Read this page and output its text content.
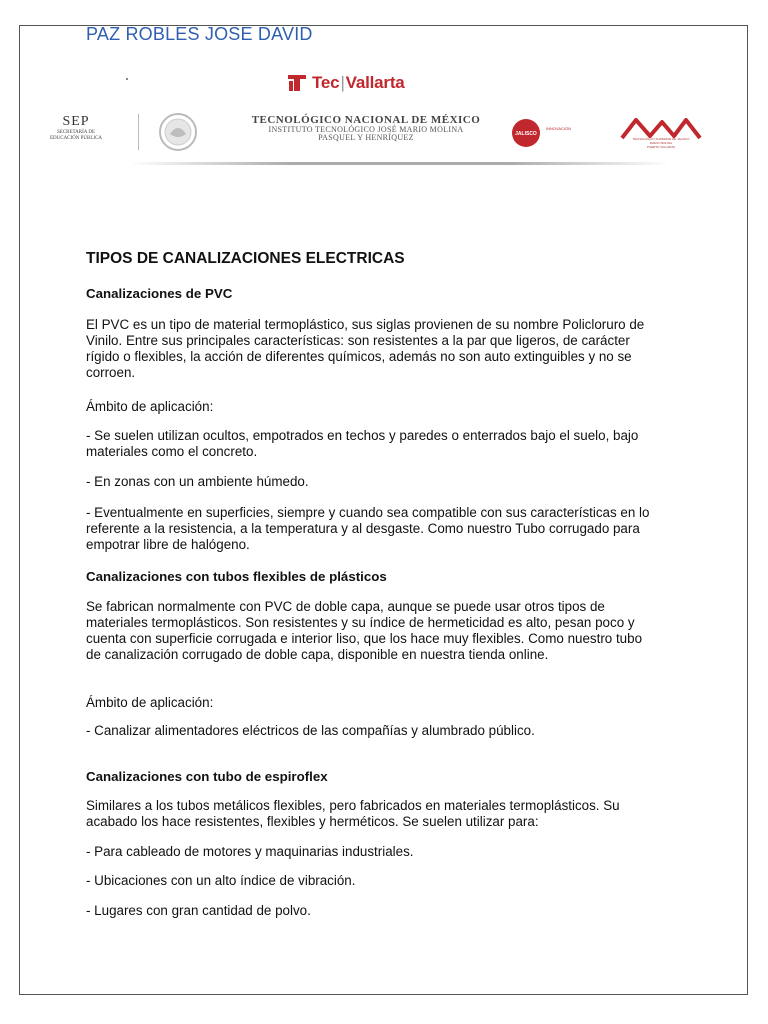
PAZ ROBLES JOSE DAVID
Tec|Vallarta
SEP
SECRETARÍA DE
EDUCACIÓN PÚBLICA
TECNOLÓGICO NACIONAL DE MÉXICO
INSTITUTO TECNOLÓGICO JOSÉ MARIO MOLINA
PASQUEL Y HENRÍQUEZ	JALISCO
INNOVACIÓN
TECNOLÓGICO SUPERIOR DE JALISCO
MARIO MOLINA
PUERTO VALLARTA
TIPOS DE CANALIZACIONES ELECTRICAS
Canalizaciones de PVC
El PVC es un tipo de material termoplástico, sus siglas provienen de su nombre Policloruro de Vinilo. Entre sus principales características: son resistentes a la par que ligeros, de carácter rígido o flexibles, la acción de diferentes químicos, además no son auto extinguibles y no se corroen.
Ámbito de aplicación:
- Se suelen utilizan ocultos, empotrados en techos y paredes o enterrados bajo el suelo, bajo materiales como el concreto.
- En zonas con un ambiente húmedo.
- Eventualmente en superficies, siempre y cuando sea compatible con sus características en lo referente a la resistencia, a la temperatura y al desgaste. Como nuestro Tubo corrugado para empotrar libre de halógeno.
Canalizaciones con tubos flexibles de plásticos
Se fabrican normalmente con PVC de doble capa, aunque se puede usar otros tipos de materiales termoplásticos. Son resistentes y su índice de hermeticidad es alto, pesan poco y cuenta con superficie corrugada e interior liso, que los hace muy flexibles. Como nuestro tubo de canalización corrugado de doble capa, disponible en nuestra tienda online.
Ámbito de aplicación:
- Canalizar alimentadores eléctricos de las compañías y alumbrado público.
Canalizaciones con tubo de espiroflex
Similares a los tubos metálicos flexibles, pero fabricados en materiales termoplásticos. Su acabado los hace resistentes, flexibles y herméticos. Se suelen utilizar para:
- Para cableado de motores y maquinarias industriales.
- Ubicaciones con un alto índice de vibración.
- Lugares con gran cantidad de polvo.
